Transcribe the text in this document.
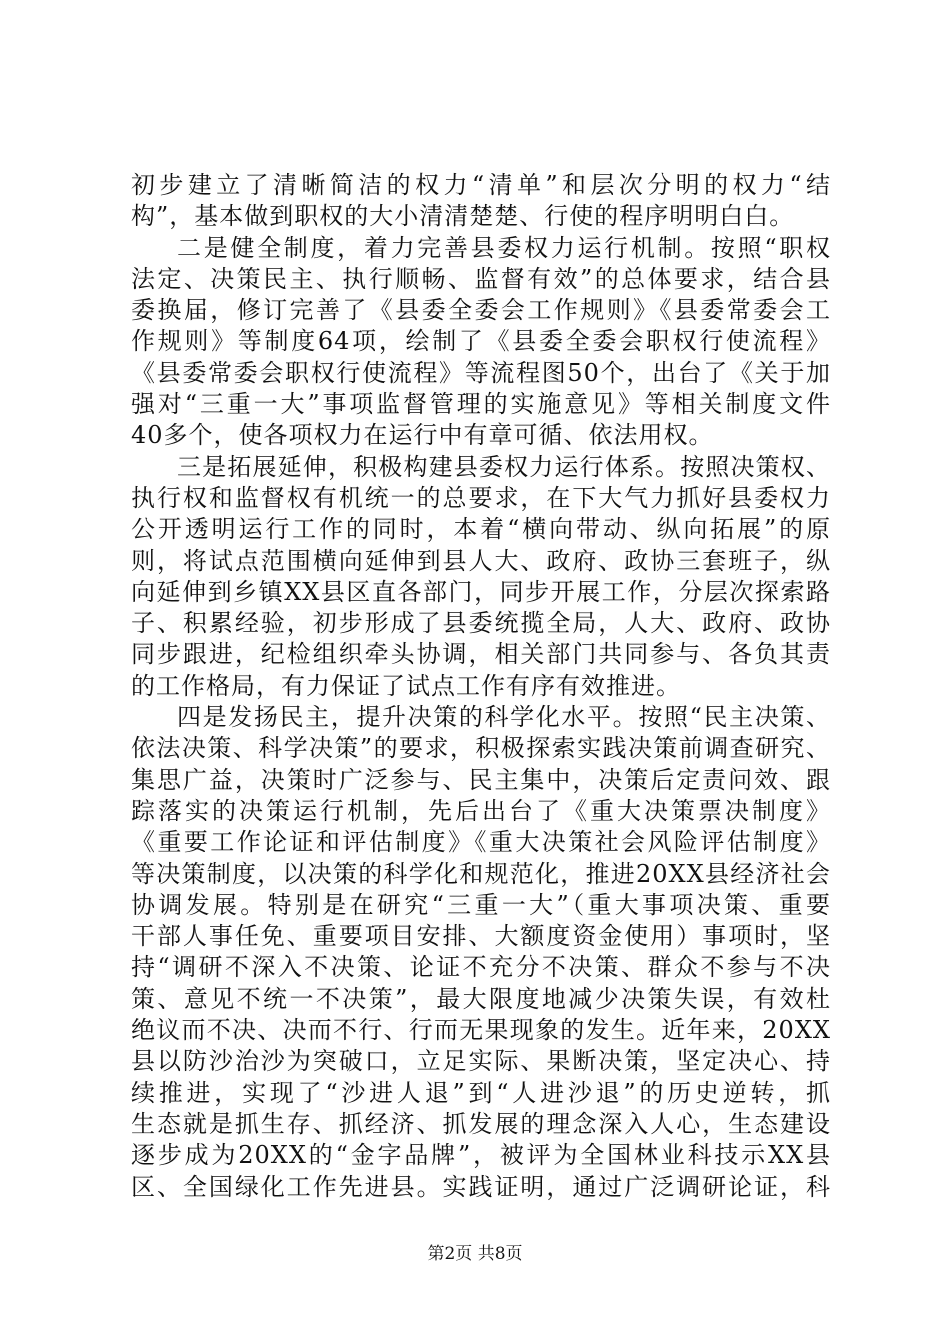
初步建立了清晰简洁的权力“清单”和层次分明的权力“结
构”，基本做到职权的大小清清楚楚、行使的程序明明白白。
二是健全制度，着力完善县委权力运行机制。按照“职权
法定、决策民主、执行顺畅、监督有效”的总体要求，结合县
委换届，修订完善了《县委全委会工作规则》《县委常委会工
作规则》等制度64项，绘制了《县委全委会职权行使流程》
《县委常委会职权行使流程》等流程图50个，出台了《关于加
强对“三重一大”事项监督管理的实施意见》等相关制度文件
40多个，使各项权力在运行中有章可循、依法用权。
三是拓展延伸，积极构建县委权力运行体系。按照决策权、
执行权和监督权有机统一的总要求，在下大气力抓好县委权力
公开透明运行工作的同时，本着“横向带动、纵向拓展”的原
则，将试点范围横向延伸到县人大、政府、政协三套班子，纵
向延伸到乡镇XX县区直各部门，同步开展工作，分层次探索路
子、积累经验，初步形成了县委统揽全局，人大、政府、政协
同步跟进，纪检组织牵头协调，相关部门共同参与、各负其责
的工作格局，有力保证了试点工作有序有效推进。
四是发扬民主，提升决策的科学化水平。按照“民主决策、
依法决策、科学决策”的要求，积极探索实践决策前调查研究、
集思广益，决策时广泛参与、民主集中，决策后定责问效、跟
踪落实的决策运行机制，先后出台了《重大决策票决制度》
《重要工作论证和评估制度》《重大决策社会风险评估制度》
等决策制度，以决策的科学化和规范化，推进20XX县经济社会
协调发展。特别是在研究“三重一大”（重大事项决策、重要
干部人事任免、重要项目安排、大额度资金使用）事项时，坚
持“调研不深入不决策、论证不充分不决策、群众不参与不决
策、意见不统一不决策”，最大限度地减少决策失误，有效杜
绝议而不决、决而不行、行而无果现象的发生。近年来，20XX
县以防沙治沙为突破口，立足实际、果断决策，坚定决心、持
续推进，实现了“沙进人退”到“人进沙退”的历史逆转，抓
生态就是抓生存、抓经济、抓发展的理念深入人心，生态建设
逐步成为20XX的“金字品牌”，被评为全国林业科技示XX县
区、全国绿化工作先进县。实践证明，通过广泛调研论证，科
第2页 共8页
